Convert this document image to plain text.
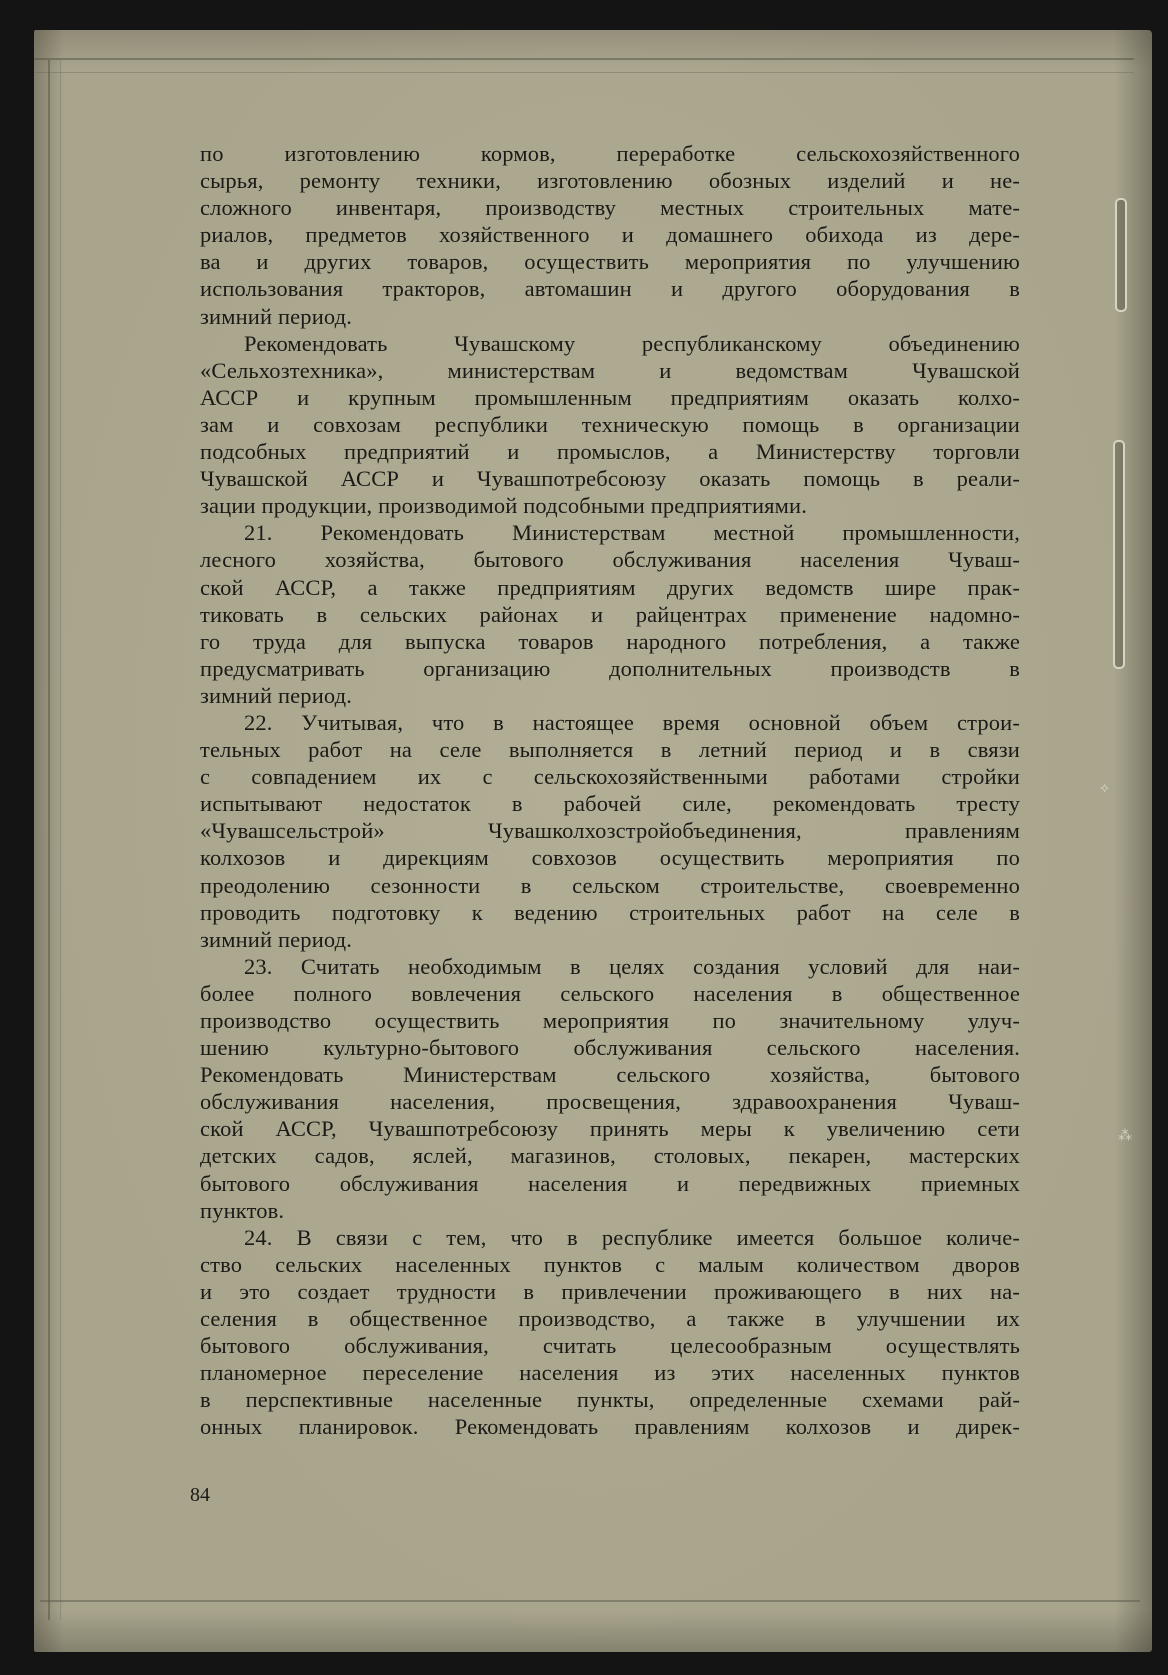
⟡
⁂
по изготовлению кормов, переработке сельскохозяйственного
сырья, ремонту техники, изготовлению обозных изделий и не-
сложного инвентаря, производству местных строительных мате-
риалов, предметов хозяйственного и домашнего обихода из дере-
ва и других товаров, осуществить мероприятия по улучшению
использования тракторов, автомашин и другого оборудования в
зимний период.
Рекомендовать Чувашскому республиканскому объединению
«Сельхозтехника», министерствам и ведомствам Чувашской
АССР и крупным промышленным предприятиям оказать колхо-
зам и совхозам республики техническую помощь в организации
подсобных предприятий и промыслов, а Министерству торговли
Чувашской АССР и Чувашпотребсоюзу оказать помощь в реали-
зации продукции, производимой подсобными предприятиями.
21. Рекомендовать Министерствам местной промышленности,
лесного хозяйства, бытового обслуживания населения Чуваш-
ской АССР, а также предприятиям других ведомств шире прак-
тиковать в сельских районах и райцентрах применение надомно-
го труда для выпуска товаров народного потребления, а также
предусматривать организацию дополнительных производств в
зимний период.
22. Учитывая, что в настоящее время основной объем строи-
тельных работ на селе выполняется в летний период и в связи
с совпадением их с сельскохозяйственными работами стройки
испытывают недостаток в рабочей силе, рекомендовать тресту
«Чувашсельстрой» Чувашколхозстройобъединения, правлениям
колхозов и дирекциям совхозов осуществить мероприятия по
преодолению сезонности в сельском строительстве, своевременно
проводить подготовку к ведению строительных работ на селе в
зимний период.
23. Считать необходимым в целях создания условий для наи-
более полного вовлечения сельского населения в общественное
производство осуществить мероприятия по значительному улуч-
шению культурно-бытового обслуживания сельского населения.
Рекомендовать Министерствам сельского хозяйства, бытового
обслуживания населения, просвещения, здравоохранения Чуваш-
ской АССР, Чувашпотребсоюзу принять меры к увеличению сети
детских садов, яслей, магазинов, столовых, пекарен, мастерских
бытового обслуживания населения и передвижных приемных
пунктов.
24. В связи с тем, что в республике имеется большое количе-
ство сельских населенных пунктов с малым количеством дворов
и это создает трудности в привлечении проживающего в них на-
селения в общественное производство, а также в улучшении их
бытового обслуживания, считать целесообразным осуществлять
планомерное переселение населения из этих населенных пунктов
в перспективные населенные пункты, определенные схемами рай-
онных планировок. Рекомендовать правлениям колхозов и дирек-
84
